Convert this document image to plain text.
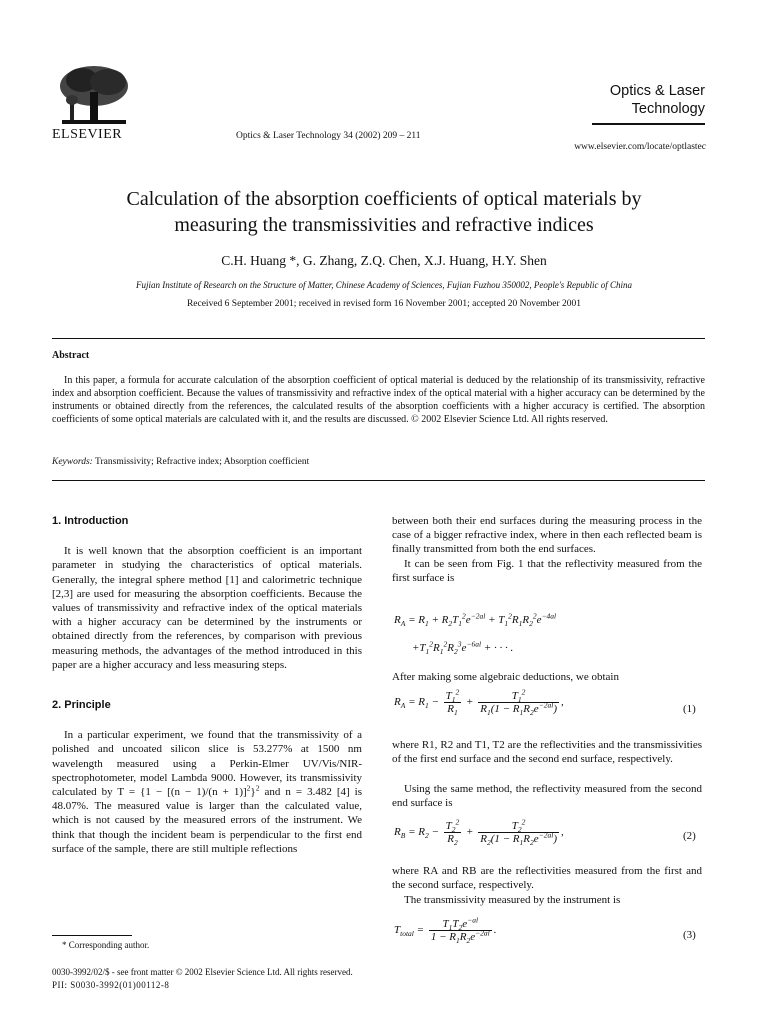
ELSEVIER	Optics & Laser Technology 34 (2002) 209 – 211
Optics & Laser
Technology
www.elsevier.com/locate/optlastec
Calculation of the absorption coefficients of optical materials by
measuring the transmissivities and refractive indices
C.H. Huang *, G. Zhang, Z.Q. Chen, X.J. Huang, H.Y. Shen
Fujian Institute of Research on the Structure of Matter, Chinese Academy of Sciences, Fujian Fuzhou 350002, People's Republic of China
Received 6 September 2001; received in revised form 16 November 2001; accepted 20 November 2001
Abstract
In this paper, a formula for accurate calculation of the absorption coefficient of optical material is deduced by the relationship of its transmissivity, refractive index and absorption coefficient. Because the values of transmissivity and refractive index of the optical material with a higher accuracy can be determined by the instruments or obtained directly from the references, the calculated results of the absorption coefficients with a higher accuracy is certified. The absorption coefficients of some optical materials are calculated with it, and the results are discussed. © 2002 Elsevier Science Ltd. All rights reserved.
Keywords: Transmissivity; Refractive index; Absorption coefficient
1. Introduction
It is well known that the absorption coefficient is an important parameter in studying the characteristics of optical materials. Generally, the integral sphere method [1] and calorimetric technique [2,3] are used for measuring the absorption coefficients. Because the values of transmissivity and refractive index of the optical materials with a higher accuracy can be determined by the instruments or obtained directly from the references, by comparison with previous measuring methods, the advantages of the method introduced in this paper are a higher accuracy and less measuring steps.
2. Principle
In a particular experiment, we found that the transmissivity of a polished and uncoated silicon slice is 53.277% at 1500 nm wavelength measured using a Perkin-Elmer UV/Vis/NIR-spectrophotometer, model Lambda 9000. However, its transmissivity calculated by $T = \{1 - [(n - 1)/(n + 1)]^2\}^2$ and n = 3.482 [4] is 48.07%. The measured value is larger than the calculated value, which is not caused by the measured errors of the instrument. We think that though the incident beam is perpendicular to the first end surface of the sample, there are still multiple reflections
* Corresponding author.
between both their end surfaces during the measuring process in the case of a bigger refractive index, where in then each reflected beam is finally transmitted from both the end surfaces.
It can be seen from Fig. 1 that the reflectivity measured from the first surface is
$R_A = R_1 + R_2T_1^2e^{-2al} + T_1^2R_1R_2^2e^{-4al}$
$+T_1^2R_1^2R_2^3e^{-6al}$ + · · · .
After making some algebraic deductions, we obtain
$R_A = R_1 - \frac{T_1^2}{R_1} + \frac{T_1^2}{R_1(1 - R_1R_2e^{-2al})}$ ,
(1)
where R1, R2 and T1, T2 are the reflectivities and the transmissivities of the first end surface and the second end surface, respectively.
Using the same method, the reflectivity measured from the second end surface is
$R_B = R_2 - \frac{T_2^2}{R_2} + \frac{T_2^2}{R_2(1 - R_1R_2e^{-2al})}$ ,	(2)
where RA and RB are the reflectivities measured from the first and the second surface, respectively.
The transmissivity measured by the instrument is
$T_{total} = \frac{T_1T_2e^{-al}}{1 - R_1R_2e^{-2al}}$ .	(3)
0030-3992/02/$ - see front matter © 2002 Elsevier Science Ltd. All rights reserved.
PII: S0030-3992(01)00112-8
